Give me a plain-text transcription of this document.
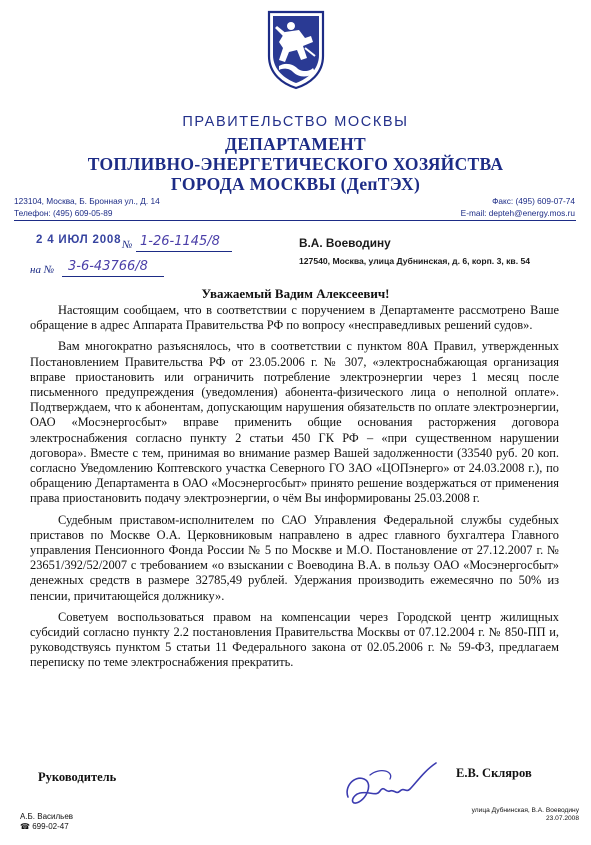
ПРАВИТЕЛЬСТВО МОСКВЫ
ДЕПАРТАМЕНТ
ТОПЛИВНО-ЭНЕРГЕТИЧЕСКОГО ХОЗЯЙСТВА
ГОРОДА МОСКВЫ (ДепТЭХ)
123104, Москва, Б. Бронная ул., Д. 14
Телефон: (495) 609-05-89
Факс: (495) 609-07-74
E-mail: depteh@energy.mos.ru
2 4 ИЮЛ 2008 № 1-26-1145/8
на № 3-6-43766/8
В.А. Воеводину
127540, Москва, улица Дубнинская, д. 6, корп. 3, кв. 54
Уважаемый Вадим Алексеевич!

Настоящим сообщаем, что в соответствии с поручением в Департаменте рассмотрено Ваше обращение в адрес Аппарата Правительства РФ по вопросу «несправедливых решений судов».

Вам многократно разъяснялось, что в соответствии с пунктом 80А Правил, утвержденных Постановлением Правительства РФ от 23.05.2006 г. № 307, «электроснабжающая организация вправе приостановить или ограничить потребление электроэнергии через 1 месяц после письменного предупреждения (уведомления) абонента-физического лица о неполной оплате». Подтверждаем, что к абонентам, допускающим нарушения обязательств по оплате электроэнергии, ОАО «Мосэнергосбыт» вправе применить общие основания расторжения договора электроснабжения согласно пункту 2 статьи 450 ГК РФ – «при существенном нарушении договора». Вместе с тем, принимая во внимание размер Вашей задолженности (33540 руб. 20 коп. согласно Уведомлению Коптевского участка Северного ГО ЗАО «ЦОПэнерго» от 24.03.2008 г.), по обращению Департамента в ОАО «Мосэнергосбыт» принято решение воздержаться от применения права приостановить подачу электроэнергии, о чём Вы информированы 25.03.2008 г.

Судебным приставом-исполнителем по САО Управления Федеральной службы судебных приставов по Москве О.А. Церковниковым направлено в адрес главного бухгалтера Главного управления Пенсионного Фонда России № 5 по Москве и М.О. Постановление от 27.12.2007 г. № 23651/392/52/2007 с требованием «о взыскании с Воеводина В.А. в пользу ОАО «Мосэнергосбыт» денежных средств в размере 32785,49 рублей. Удержания производить ежемесячно по 50% из пенсии, причитающейся должнику».

Советуем воспользоваться правом на компенсации через Городской центр жилищных субсидий согласно пункту 2.2 постановления Правительства Москвы от 07.12.2004 г. № 850-ПП и, руководствуясь пунктом 5 статьи 11 Федерального закона от 02.05.2006 г. № 59-ФЗ, предлагаем переписку по теме электроснабжения прекратить.

Руководитель	Е.В. Скляров
А.Б. Васильев
☎ 699-02-47
улица Дубнинская, В.А. Воеводину
23.07.2008
